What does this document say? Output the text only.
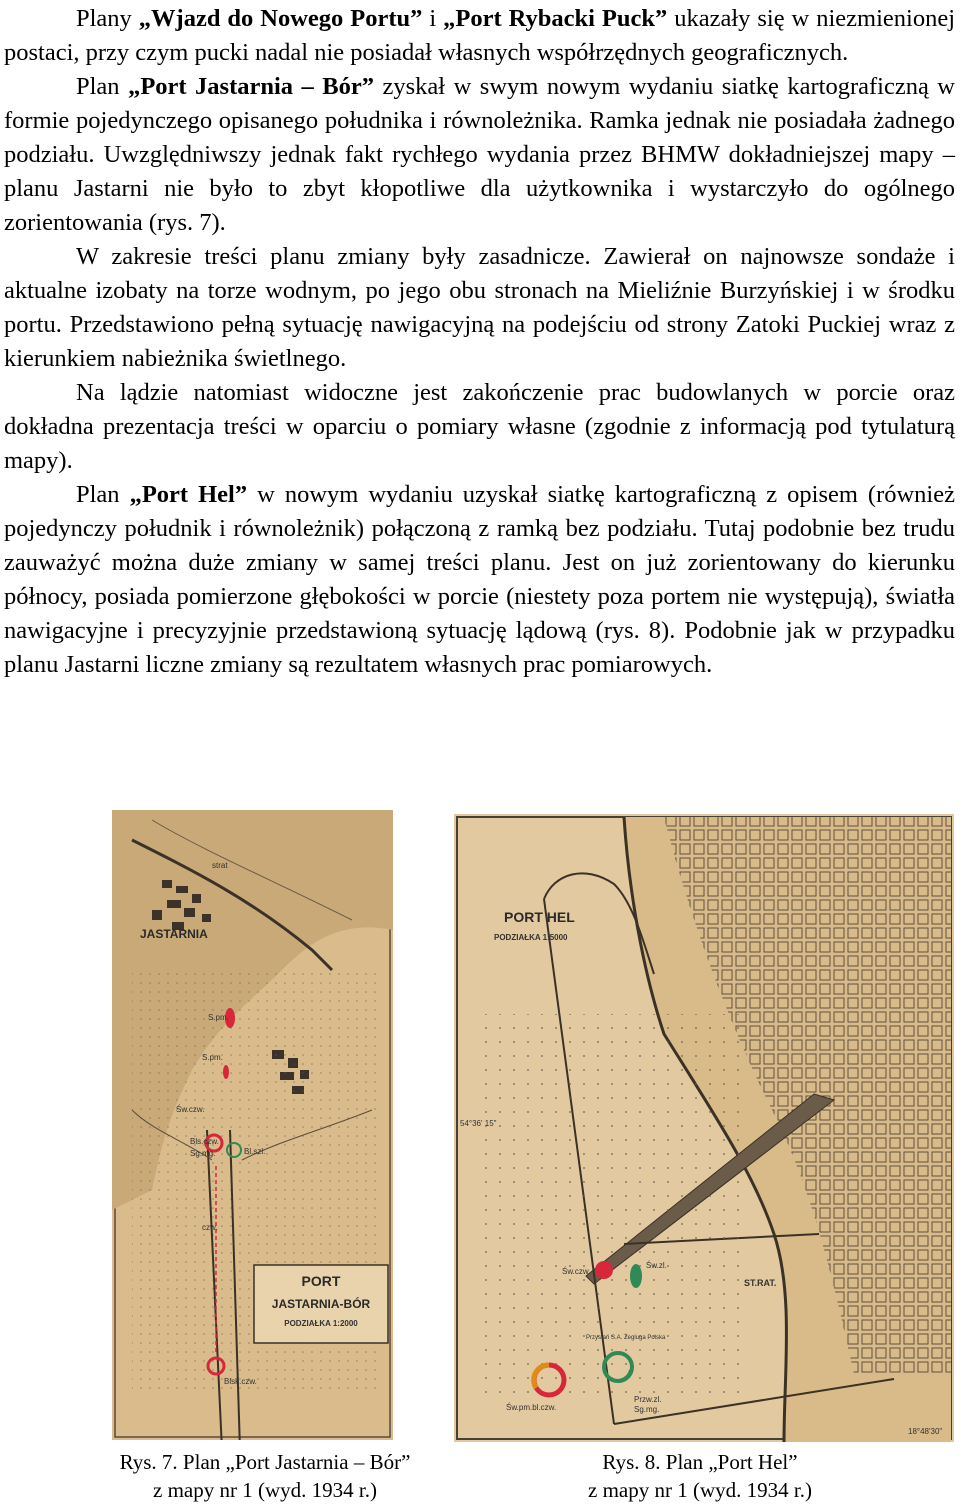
Plany „Wjazd do Nowego Portu” i „Port Rybacki Puck” ukazały się w niezmienionej postaci, przy czym pucki nadal nie posiadał własnych współrzędnych geograficznych.

Plan „Port Jastarnia – Bór” zyskał w swym nowym wydaniu siatkę kartograficzną w formie pojedynczego opisanego południka i równoleżnika. Ramka jednak nie posiadała żadnego podziału. Uwzględniwszy jednak fakt rychłego wydania przez BHMW dokładniejszej mapy – planu Jastarni nie było to zbyt kłopotliwe dla użytkownika i wystarczyło do ogólnego zorientowania (rys. 7).

W zakresie treści planu zmiany były zasadnicze. Zawierał on najnowsze sondaże i aktualne izobaty na torze wodnym, po jego obu stronach na Mieliźnie Burzyńskiej i w środku portu. Przedstawiono pełną sytuację nawigacyjną na podejściu od strony Zatoki Puckiej wraz z kierunkiem nabieżnika świetlnego.

Na lądzie natomiast widoczne jest zakończenie prac budowlanych w porcie oraz dokładna prezentacja treści w oparciu o pomiary własne (zgodnie z informacją pod tytulaturą mapy).

Plan „Port Hel” w nowym wydaniu uzyskał siatkę kartograficzną z opisem (również pojedynczy południk i równoleżnik) połączoną z ramką bez podziału. Tutaj podobnie bez trudu zauważyć można duże zmiany w samej treści planu. Jest on już zorientowany do kierunku północy, posiada pomierzone głębokości w porcie (niestety poza portem nie występują), światła nawigacyjne i precyzyjnie przedstawioną sytuację lądową (rys. 8). Podobnie jak w przypadku planu Jastarni liczne zmiany są rezultatem własnych prac pomiarowych.

JASTARNIA
strat
S.pm.
S.pm.
Św.czw.
Bls.czw.
Sg.mg.	Bl.szl.
Blsk.czw.
czw.
PORT
JASTARNIA-BÓR
PODZIAŁKA 1:2000
PORT HEL
PODZIAŁKA 1:5000
54°36' 15"
18°48'30"
Św.czw.
Św.zl.
ST.RAT.
Przystań S.A. Żegluga Polska
Św.pm.bl.czw.
Przw.zl.
Sg.mg.
Rys. 7. Plan „Port Jastarnia – Bór”
z mapy nr 1 (wyd. 1934 r.)
Rys. 8. Plan „Port Hel”
z mapy nr 1 (wyd. 1934 r.)
